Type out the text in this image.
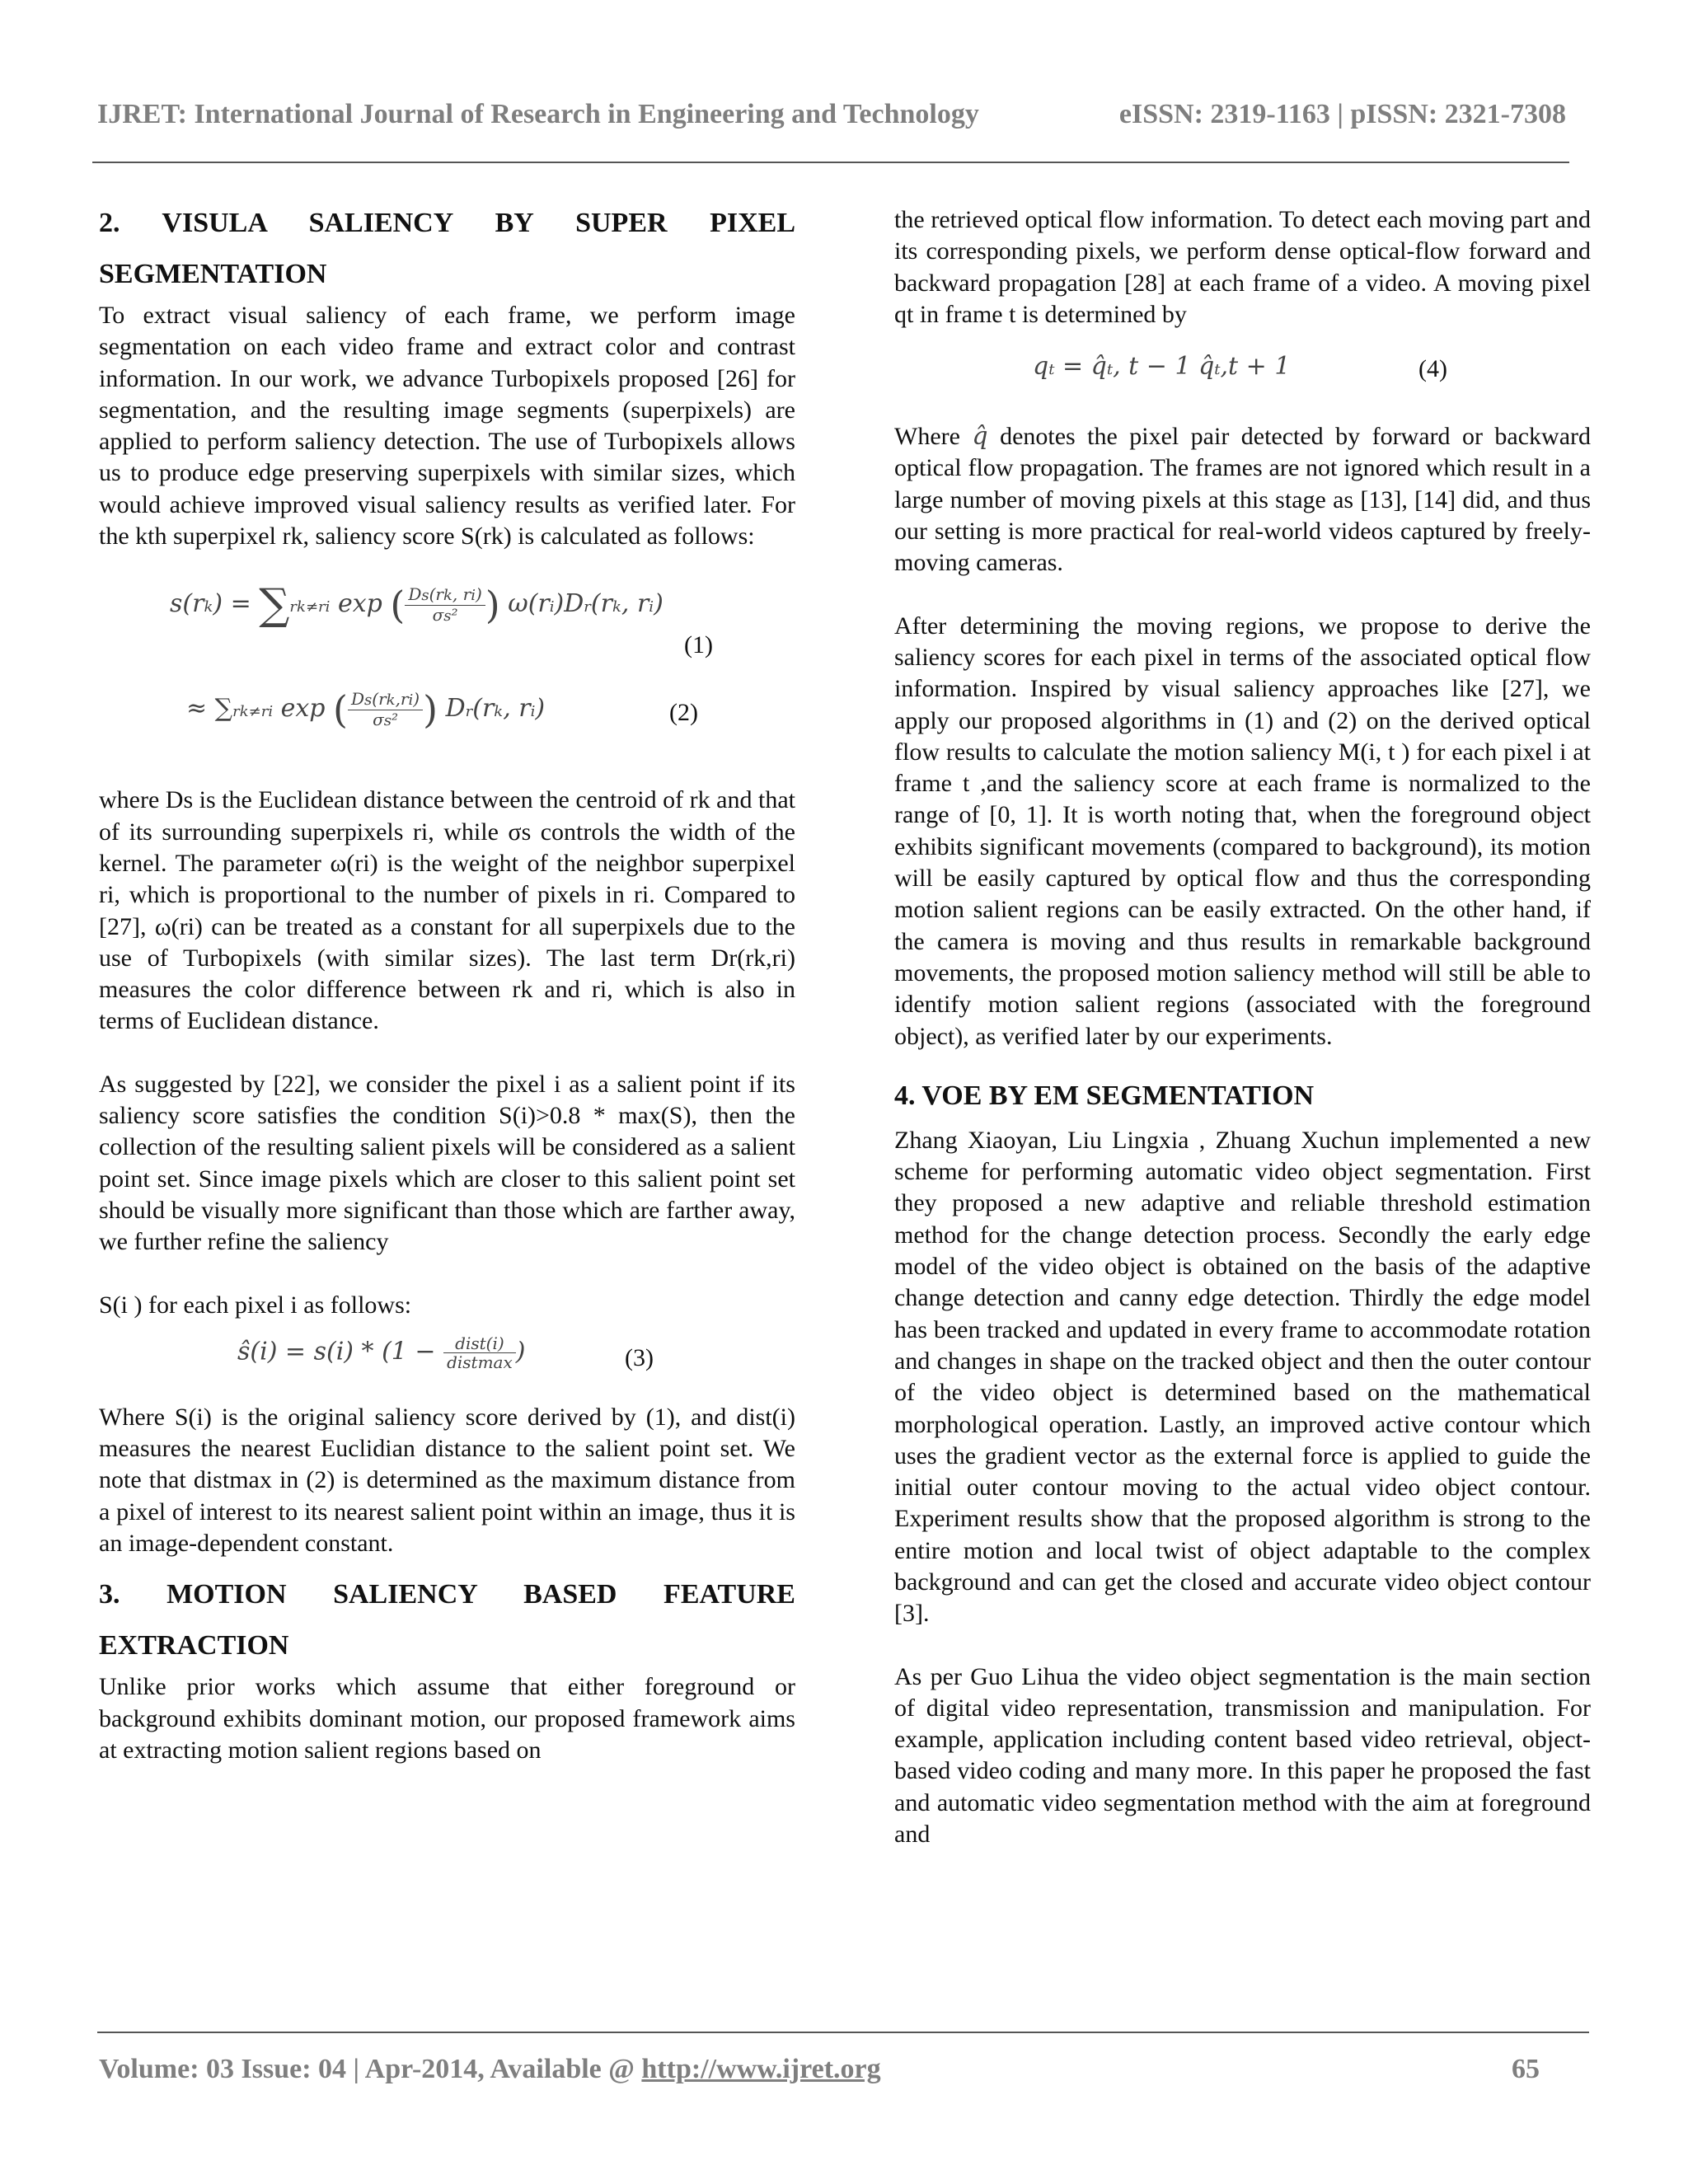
IJRET: International Journal of Research in Engineering and Technology	eISSN: 2319-1163 | pISSN: 2321-7308
2. VISULA SALIENCY BY SUPER PIXEL
SEGMENTATION

To extract visual saliency of each frame, we perform image segmentation on each video frame and extract color and contrast information. In our work, we advance Turbopixels proposed [26] for segmentation, and the resulting image segments (superpixels) are applied to perform saliency detection. The use of Turbopixels allows us to produce edge preserving superpixels with similar sizes, which would achieve improved visual saliency results as verified later. For the kth superpixel rk, saliency score S(rk) is calculated as follows:

s(rk) = ∑rk≠ri exp ( $\frac{Ds(rk, ri)}{\text{σs²}}$ ) ω(ri)Dr(rk, ri)
(1)
≈ ∑rk≠ri exp ( $\frac{Ds(rk,ri)}{\text{σs²}}$ ) Dr(rk, ri)	(2)

where Ds is the Euclidean distance between the centroid of rk and that of its surrounding superpixels ri, while σs controls the width of the kernel. The parameter ω(ri) is the weight of the neighbor superpixel ri, which is proportional to the number of pixels in ri. Compared to [27], ω(ri) can be treated as a constant for all superpixels due to the use of Turbopixels (with similar sizes). The last term Dr(rk,ri) measures the color difference between rk and ri, which is also in terms of Euclidean distance.

As suggested by [22], we consider the pixel i as a salient point if its saliency score satisfies the condition S(i)>0.8 * max(S), then the collection of the resulting salient pixels will be considered as a salient point set. Since image pixels which are closer to this salient point set should be visually more significant than those which are farther away, we further refine the saliency

S(i ) for each pixel i as follows:

ŝ(i) = $s(i) * (1 - \frac{\text{dist(i)}}{\text{distmax}}$ )	(3)

Where S(i) is the original saliency score derived by (1), and dist(i) measures the nearest Euclidian distance to the salient point set. We note that distmax in (2) is determined as the maximum distance from a pixel of interest to its nearest salient point within an image, thus it is an image-dependent constant.

3. MOTION SALIENCY BASED FEATURE
EXTRACTION

Unlike prior works which assume that either foreground or background exhibits dominant motion, our proposed framework aims at extracting motion salient regions based on

the retrieved optical flow information. To detect each moving part and its corresponding pixels, we perform dense optical-flow forward and backward propagation [28] at each frame of a video. A moving pixel qt in frame t is determined by

qt = q̂t, t − 1 q̂t,t + 1	(4)

Where q̂ denotes the pixel pair detected by forward or backward optical flow propagation. The frames are not ignored which result in a large number of moving pixels at this stage as [13], [14] did, and thus our setting is more practical for real-world videos captured by freely-moving cameras.

After determining the moving regions, we propose to derive the saliency scores for each pixel in terms of the associated optical flow information. Inspired by visual saliency approaches like [27], we apply our proposed algorithms in (1) and (2) on the derived optical flow results to calculate the motion saliency M(i, t ) for each pixel i at frame t ,and the saliency score at each frame is normalized to the range of [0, 1]. It is worth noting that, when the foreground object exhibits significant movements (compared to background), its motion will be easily captured by optical flow and thus the corresponding motion salient regions can be easily extracted. On the other hand, if the camera is moving and thus results in remarkable background movements, the proposed motion saliency method will still be able to identify motion salient regions (associated with the foreground object), as verified later by our experiments.

4. VOE BY EM SEGMENTATION

Zhang Xiaoyan, Liu Lingxia , Zhuang Xuchun implemented a new scheme for performing automatic video object segmentation. First they proposed a new adaptive and reliable threshold estimation method for the change detection process. Secondly the early edge model of the video object is obtained on the basis of the adaptive change detection and canny edge detection. Thirdly the edge model has been tracked and updated in every frame to accommodate rotation and changes in shape on the tracked object and then the outer contour of the video object is determined based on the mathematical morphological operation. Lastly, an improved active contour which uses the gradient vector as the external force is applied to guide the initial outer contour moving to the actual video object contour. Experiment results show that the proposed algorithm is strong to the entire motion and local twist of object adaptable to the complex background and can get the closed and accurate video object contour [3].

As per Guo Lihua the video object segmentation is the main section of digital video representation, transmission and manipulation. For example, application including content based video retrieval, object-based video coding and many more. In this paper he proposed the fast and automatic video segmentation method with the aim at foreground and

Volume: 03 Issue: 04 | Apr-2014, Available @ http://www.ijret.org	65
